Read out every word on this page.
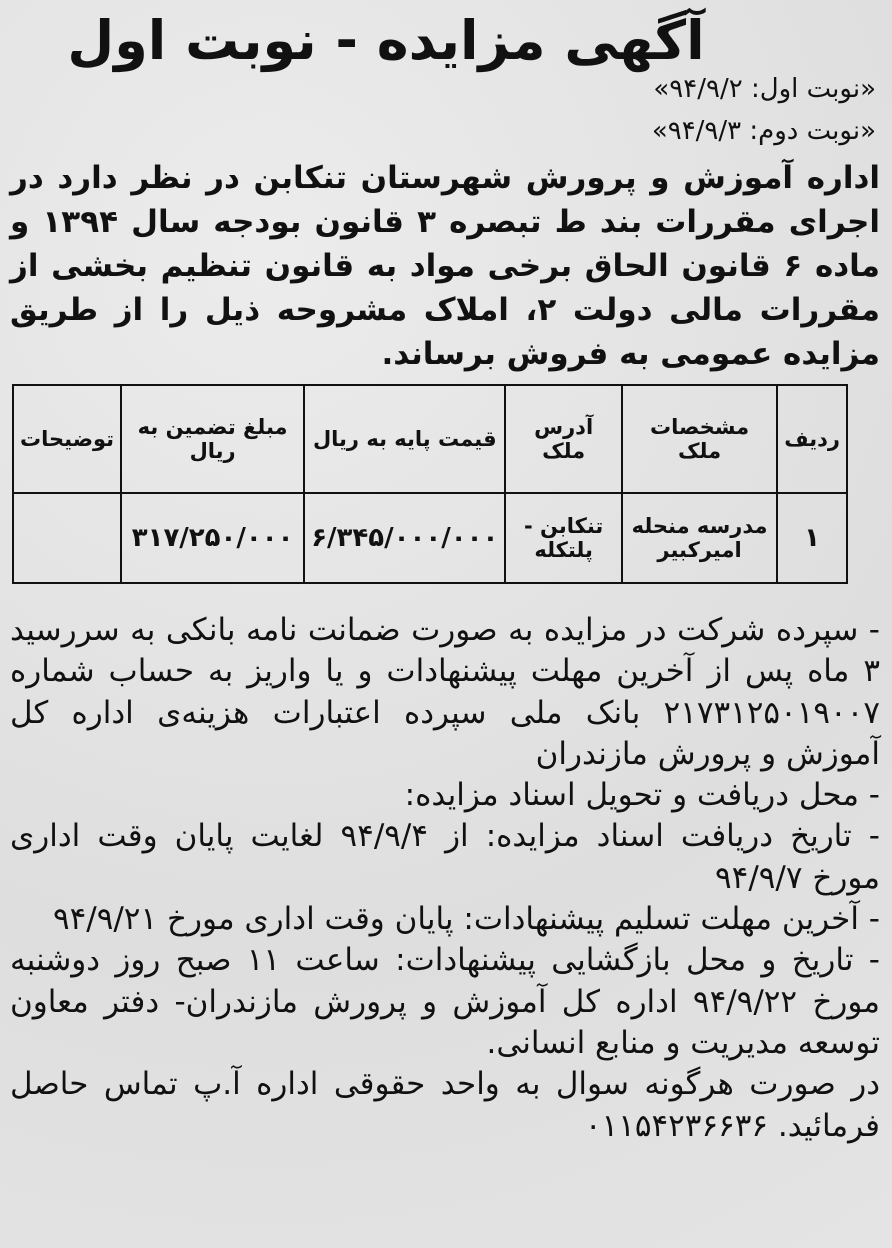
آگهی مزایده - نوبت اول

«نوبت اول: ۹۴/۹/۲»

«نوبت دوم: ۹۴/۹/۳»

اداره آموزش و پرورش شهرستان تنکابن در نظر دارد در اجرای مقررات بند ط تبصره ۳ قانون بودجه سال ۱۳۹۴ و ماده ۶ قانون الحاق برخی مواد به قانون تنظیم بخشی از مقررات مالی دولت ۲، املاک مشروحه ذیل را از طریق مزایده عمومی به فروش برساند.

ردیف	مشخصات ملک	آدرس ملک	قیمت پایه به ریال	مبلغ تضمین به ریال	توضیحات
۱	مدرسه منحله امیرکبیر	تنکابن - پلتکله	۶/۳۴۵/۰۰۰/۰۰۰	۳۱۷/۲۵۰/۰۰۰	

- سپرده شرکت در مزایده به صورت ضمانت نامه بانکی به سررسید ۳ ماه پس از آخرین مهلت پیشنهادات و یا واریز به حساب شماره ۲۱۷۳۱۲۵۰۱۹۰۰۷ بانک ملی سپرده اعتبارات هزینه‌ی اداره کل آموزش و پرورش مازندران

- محل دریافت و تحویل اسناد مزایده:

- تاریخ دریافت اسناد مزایده: از ۹۴/۹/۴ لغایت پایان وقت اداری مورخ ۹۴/۹/۷

- آخرین مهلت تسلیم پیشنهادات: پایان وقت اداری مورخ ۹۴/۹/۲۱

- تاریخ و محل بازگشایی پیشنهادات: ساعت ۱۱ صبح روز دوشنبه مورخ ۹۴/۹/۲۲ اداره کل آموزش و پرورش مازندران- دفتر معاون توسعه مدیریت و منابع انسانی.

در صورت هرگونه سوال به واحد حقوقی اداره آ.پ تماس حاصل فرمائید. ۰۱۱۵۴۲۳۶۶۳۶
